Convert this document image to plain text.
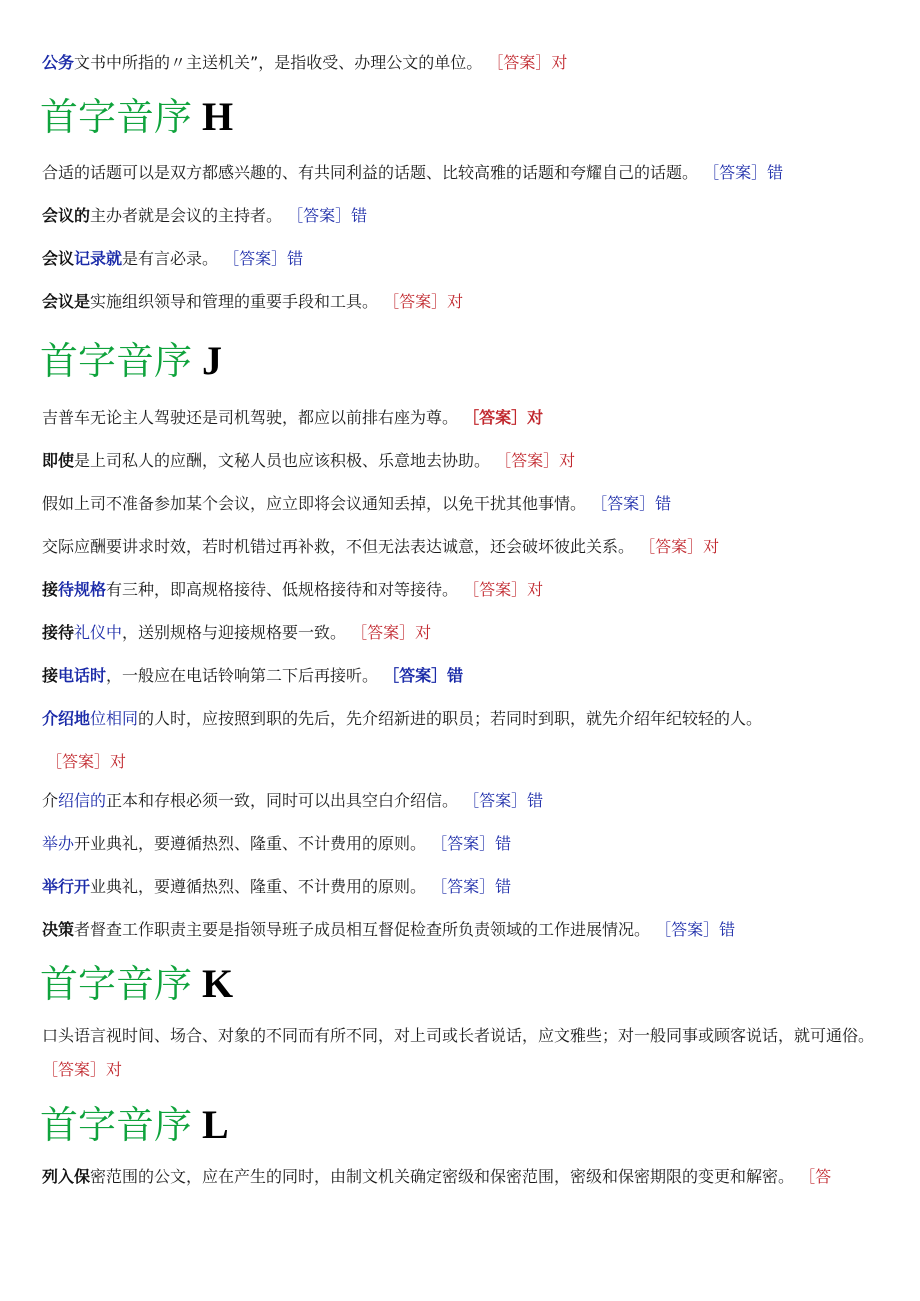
公务文书中所指的〃主送机关”，是指收受、办理公文的单位。 ［答案］对
首字音序 H
合适的话题可以是双方都感兴趣的、有共同利益的话题、比较高雅的话题和夸耀自己的话题。 ［答案］错
会议的主办者就是会议的主持者。 ［答案］错
会议记录就是有言必录。 ［答案］错
会议是实施组织领导和管理的重要手段和工具。 ［答案］对
首字音序 J
吉普车无论主人驾驶还是司机驾驶，都应以前排右座为尊。 ［答案］对
即使是上司私人的应酬，文秘人员也应该积极、乐意地去协助。 ［答案］对
假如上司不准备参加某个会议，应立即将会议通知丢掉，以免干扰其他事情。 ［答案］错
交际应酬要讲求时效，若时机错过再补救，不但无法表达诚意，还会破坏彼此关系。 ［答案］对
接待规格有三种，即高规格接待、低规格接待和对等接待。 ［答案］对
接待礼仪中，送别规格与迎接规格要一致。 ［答案］对
接电话时，一般应在电话铃响第二下后再接听。 ［答案］错
介绍地位相同的人时，应按照到职的先后，先介绍新进的职员；若同时到职，就先介绍年纪较轻的人。
［答案］对
介绍信的正本和存根必须一致，同时可以出具空白介绍信。 ［答案］错
举办开业典礼，要遵循热烈、隆重、不计费用的原则。 ［答案］错
举行开业典礼，要遵循热烈、隆重、不计费用的原则。 ［答案］错
决策者督查工作职责主要是指领导班子成员相互督促检查所负责领域的工作进展情况。 ［答案］错
首字音序 K
口头语言视时间、场合、对象的不同而有所不同，对上司或长者说话，应文雅些；对一般同事或顾客说话，就可通俗。 ［答案］对
首字音序 L
列入保密范围的公文，应在产生的同时，由制文机关确定密级和保密范围，密级和保密期限的变更和解密。 ［答
